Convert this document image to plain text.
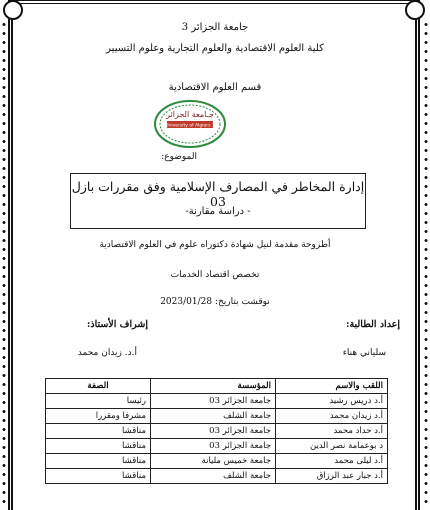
جامعة الجزائر 3
كلية العلوم الاقتصادية والعلوم التجارية وعلوم التسيير
قسم العلوم الاقتصادية
جـامعة الجزائر
University of Algiers 3
الموضوع:
إدارة المخاطر في المصارف الإسلامية وفق مقررات بازل 03
- دراسة مقارنة-
أطروحة مقدمة لنيل شهادة دكتوراه علوم في العلوم الاقتصادية
تخصص اقتصاد الخدمات
نوقشت بتاريخ: 2023/01/28
إعداد الطالبة:
إشراف الأستاذ:
سلياني هناء
أ.د. زيدان محمد
اللقب والاسم	المؤسسة	الصفة
أ.د دريس رشيد	جامعة الجزائر 03	رئيسا
أ.د زيدان محمد	جامعة الشلف	مشرفا ومقررا
أ.د حداد محمد	جامعة الجزائر 03	مناقشا
د بوعمامة نصر الدين	جامعة الجزائر 03	مناقشا
أ.د ليلى محمد	جامعة خميس مليانة	مناقشا
أ.د جبار عبد الرزاق	جامعة الشلف	مناقشا
